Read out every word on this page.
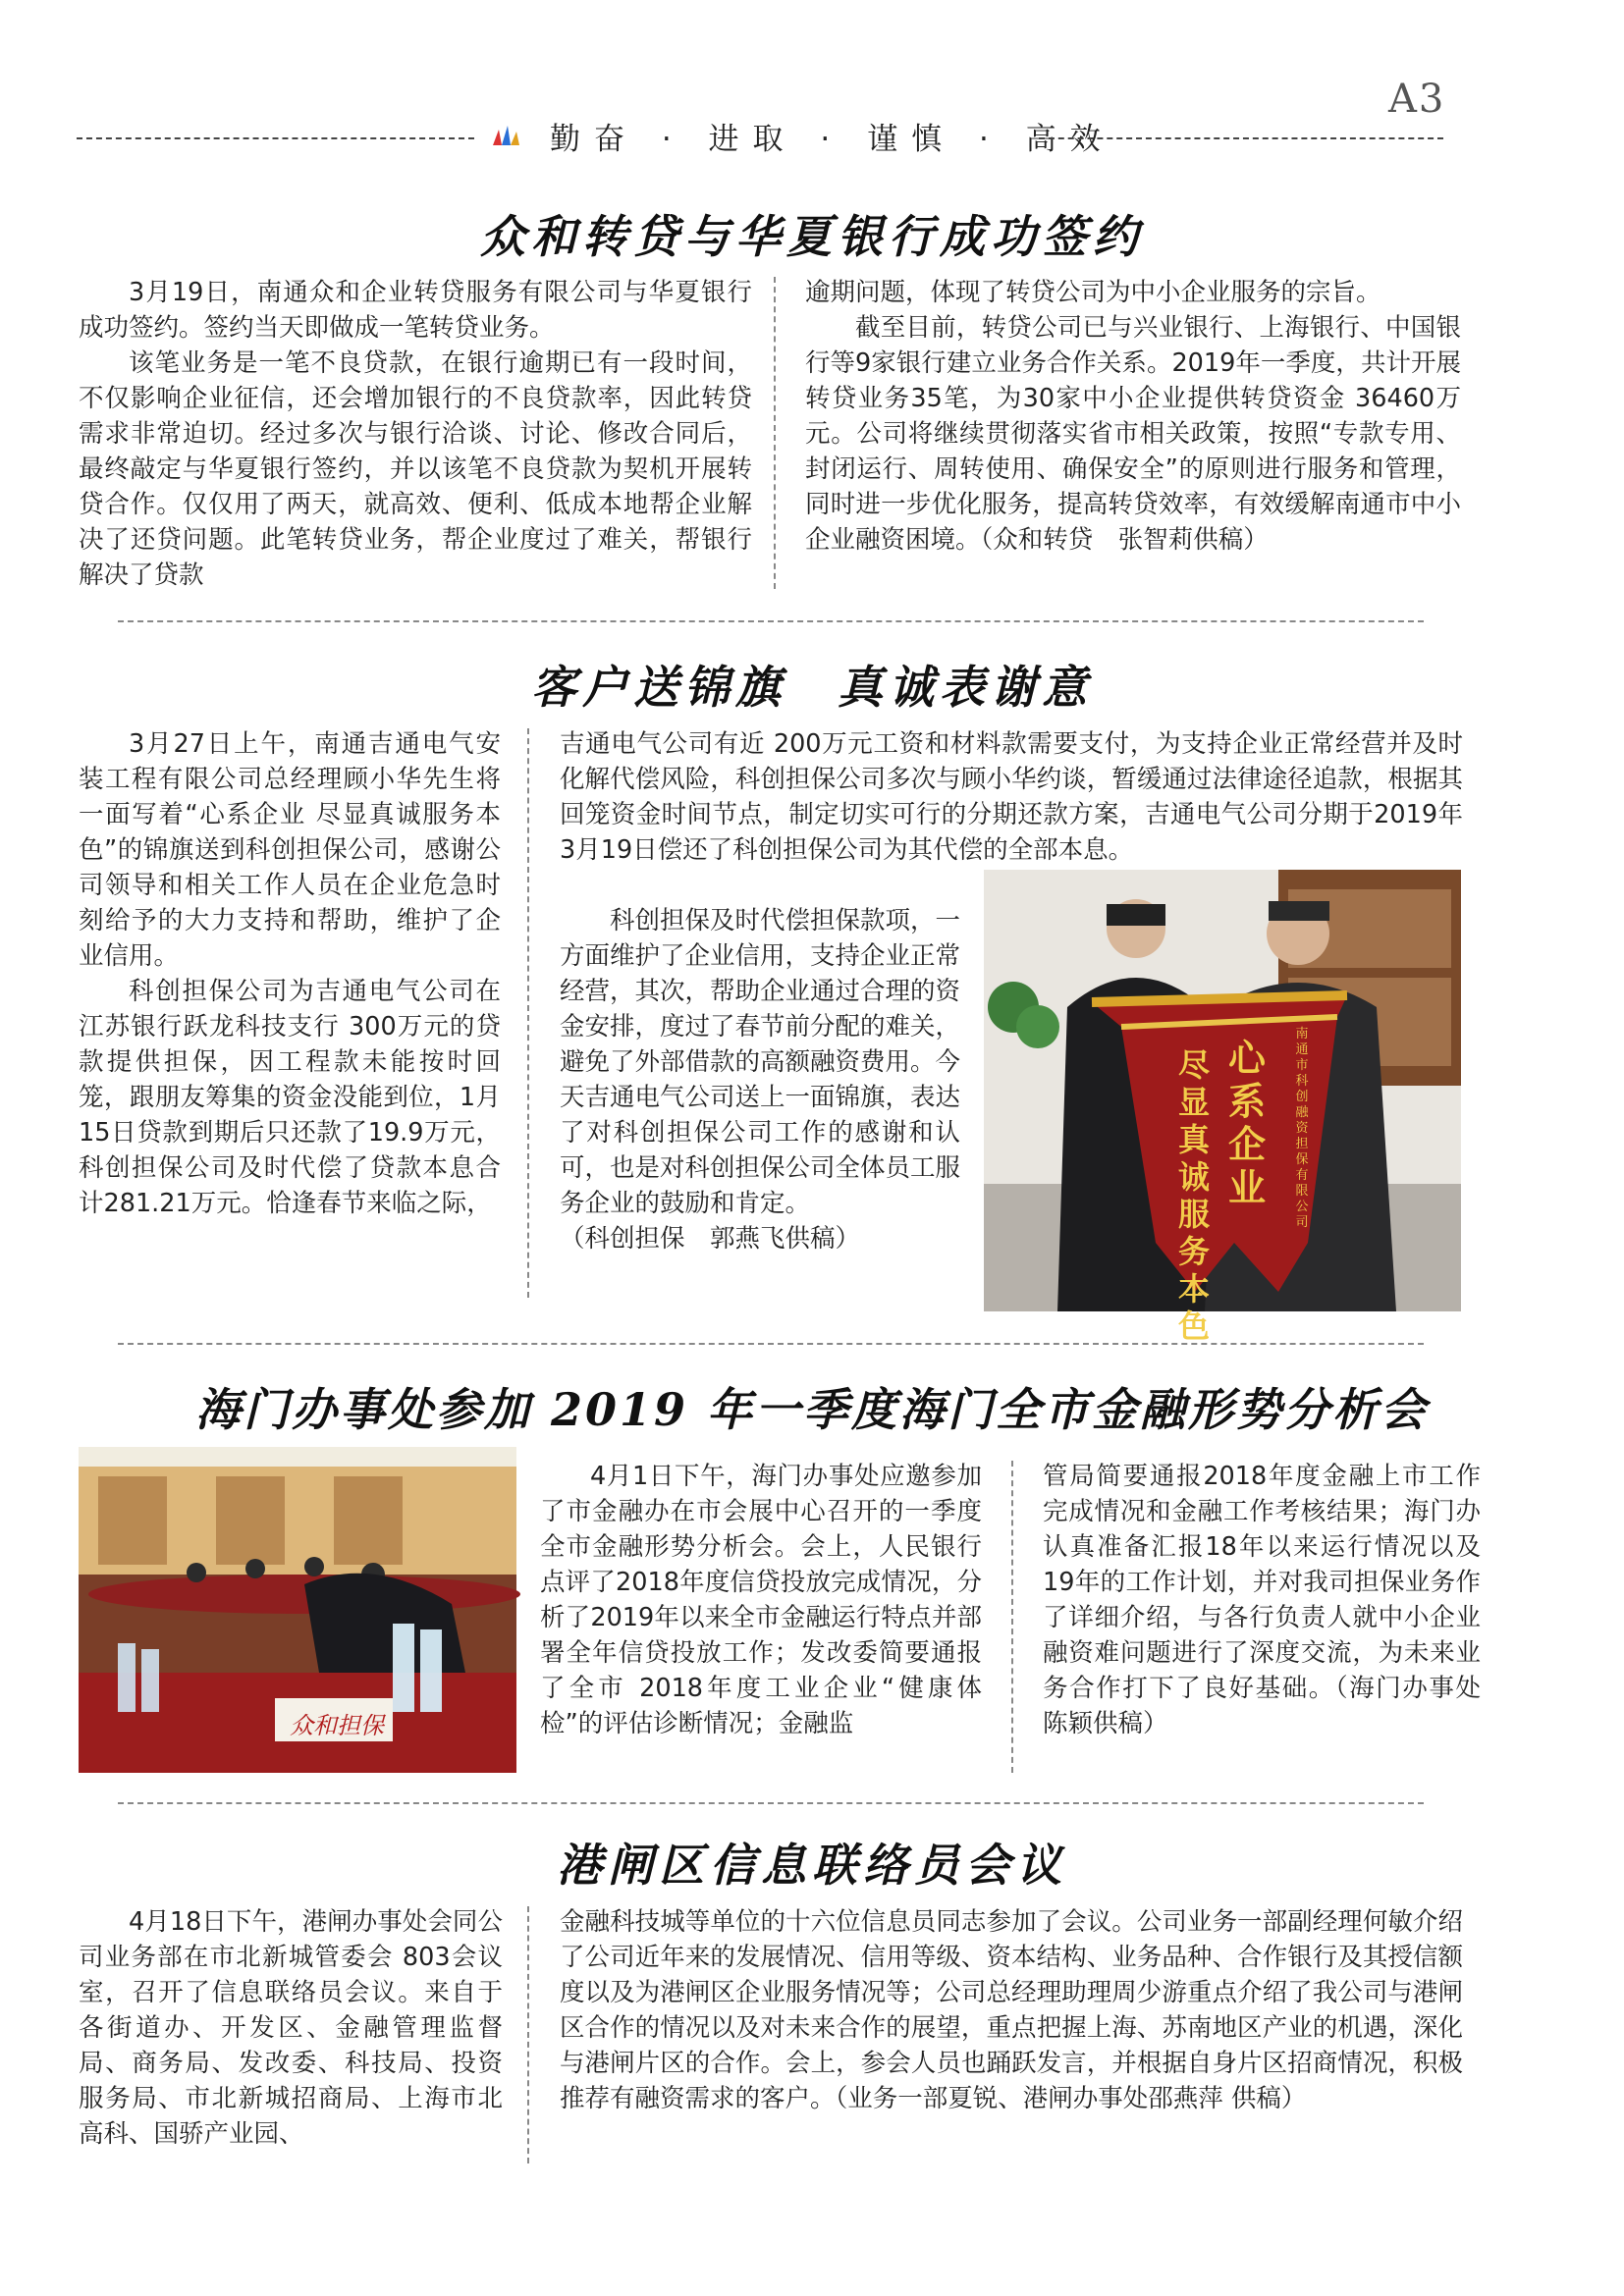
A3
勤奋 · 进取 · 谨慎 · 高效
众和转贷与华夏银行成功签约

3月19日，南通众和企业转贷服务有限公司与华夏银行成功签约。签约当天即做成一笔转贷业务。

该笔业务是一笔不良贷款，在银行逾期已有一段时间，不仅影响企业征信，还会增加银行的不良贷款率，因此转贷需求非常迫切。经过多次与银行洽谈、讨论、修改合同后，最终敲定与华夏银行签约，并以该笔不良贷款为契机开展转贷合作。仅仅用了两天，就高效、便利、低成本地帮企业解决了还贷问题。此笔转贷业务，帮企业度过了难关，帮银行解决了贷款

逾期问题，体现了转贷公司为中小企业服务的宗旨。

截至目前，转贷公司已与兴业银行、上海银行、中国银行等9家银行建立业务合作关系。2019年一季度，共计开展转贷业务35笔，为30家中小企业提供转贷资金 36460万元。公司将继续贯彻落实省市相关政策，按照“专款专用、封闭运行、周转使用、确保安全”的原则进行服务和管理，同时进一步优化服务，提高转贷效率，有效缓解南通市中小企业融资困境。（众和转贷　张智莉供稿）

客户送锦旗　真诚表谢意

3月27日上午，南通吉通电气安装工程有限公司总经理顾小华先生将一面写着“心系企业 尽显真诚服务本色”的锦旗送到科创担保公司，感谢公司领导和相关工作人员在企业危急时刻给予的大力支持和帮助，维护了企业信用。

科创担保公司为吉通电气公司在江苏银行跃龙科技支行 300万元的贷款提供担保，因工程款未能按时回笼，跟朋友筹集的资金没能到位，1月15日贷款到期后只还款了19.9万元，科创担保公司及时代偿了贷款本息合计281.21万元。恰逢春节来临之际，

吉通电气公司有近 200万元工资和材料款需要支付，为支持企业正常经营并及时化解代偿风险，科创担保公司多次与顾小华约谈，暂缓通过法律途径追款，根据其回笼资金时间节点，制定切实可行的分期还款方案，吉通电气公司分期于2019年3月19日偿还了科创担保公司为其代偿的全部本息。

科创担保及时代偿担保款项，一方面维护了企业信用，支持企业正常经营，其次，帮助企业通过合理的资金安排，度过了春节前分配的难关，避免了外部借款的高额融资费用。今天吉通电气公司送上一面锦旗，表达了对科创担保公司工作的感谢和认可，也是对科创担保公司全体员工服务企业的鼓励和肯定。

（科创担保　郭燕飞供稿）

心系企业
尽显真诚服务本色
南通市科创融资担保有限公司
海门办事处参加 2019 年一季度海门全市金融形势分析会
众和担保

4月1日下午，海门办事处应邀参加了市金融办在市会展中心召开的一季度全市金融形势分析会。会上，人民银行点评了2018年度信贷投放完成情况，分析了2019年以来全市金融运行特点并部署全年信贷投放工作；发改委简要通报了全市 2018年度工业企业“健康体检”的评估诊断情况；金融监

管局简要通报2018年度金融上市工作完成情况和金融工作考核结果；海门办认真准备汇报18年以来运行情况以及19年的工作计划，并对我司担保业务作了详细介绍，与各行负责人就中小企业融资难问题进行了深度交流，为未来业务合作打下了良好基础。（海门办事处　陈颖供稿）

港闸区信息联络员会议

4月18日下午，港闸办事处会同公司业务部在市北新城管委会 803会议室，召开了信息联络员会议。来自于各街道办、开发区、金融管理监督局、商务局、发改委、科技局、投资服务局、市北新城招商局、上海市北高科、国骄产业园、

金融科技城等单位的十六位信息员同志参加了会议。公司业务一部副经理何敏介绍了公司近年来的发展情况、信用等级、资本结构、业务品种、合作银行及其授信额度以及为港闸区企业服务情况等；公司总经理助理周少游重点介绍了我公司与港闸区合作的情况以及对未来合作的展望，重点把握上海、苏南地区产业的机遇，深化与港闸片区的合作。会上，参会人员也踊跃发言，并根据自身片区招商情况，积极推荐有融资需求的客户。（业务一部夏锐、港闸办事处邵燕萍 供稿）
